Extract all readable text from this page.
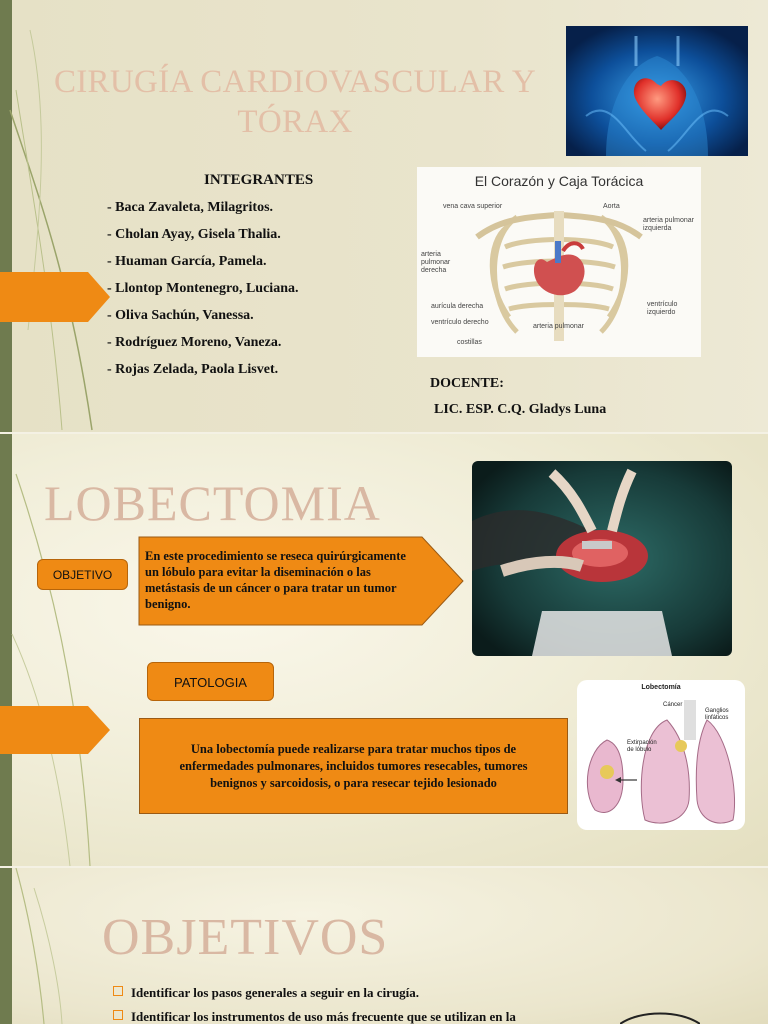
CIRUGÍA CARDIOVASCULAR Y
TÓRAX
INTEGRANTES
- Baca Zavaleta, Milagritos.
- Cholan Ayay, Gisela Thalia.
- Huaman García, Pamela.
- Llontop Montenegro, Luciana.
- Oliva Sachún, Vanessa.
- Rodríguez Moreno, Vaneza.
- Rojas Zelada, Paola Lisvet.
DOCENTE:
LIC. ESP. C.Q. Gladys Luna
El Corazón y Caja Torácica
vena cava superior	Aorta
arteria pulmonar izquierda
arteria pulmonar derecha
aurícula derecha
ventrículo derecho
ventrículo izquierdo
arteria pulmonar
costillas
LOBECTOMIA
OBJETIVO
En este procedimiento se reseca quirúrgicamente un lóbulo para evitar la diseminación o las metástasis de un cáncer o para tratar un tumor benigno.
PATOLOGIA
Una lobectomía puede realizarse para tratar muchos tipos de enfermedades pulmonares, incluidos tumores resecables, tumores benignos y sarcoidosis, o para resecar tejido lesionado
Lobectomía
Cáncer
Ganglios linfáticos
Extirpación de lóbulo
OBJETIVOS
Identificar los pasos generales a seguir en la cirugía.
Identificar los instrumentos de uso más frecuente que se utilizan en la
